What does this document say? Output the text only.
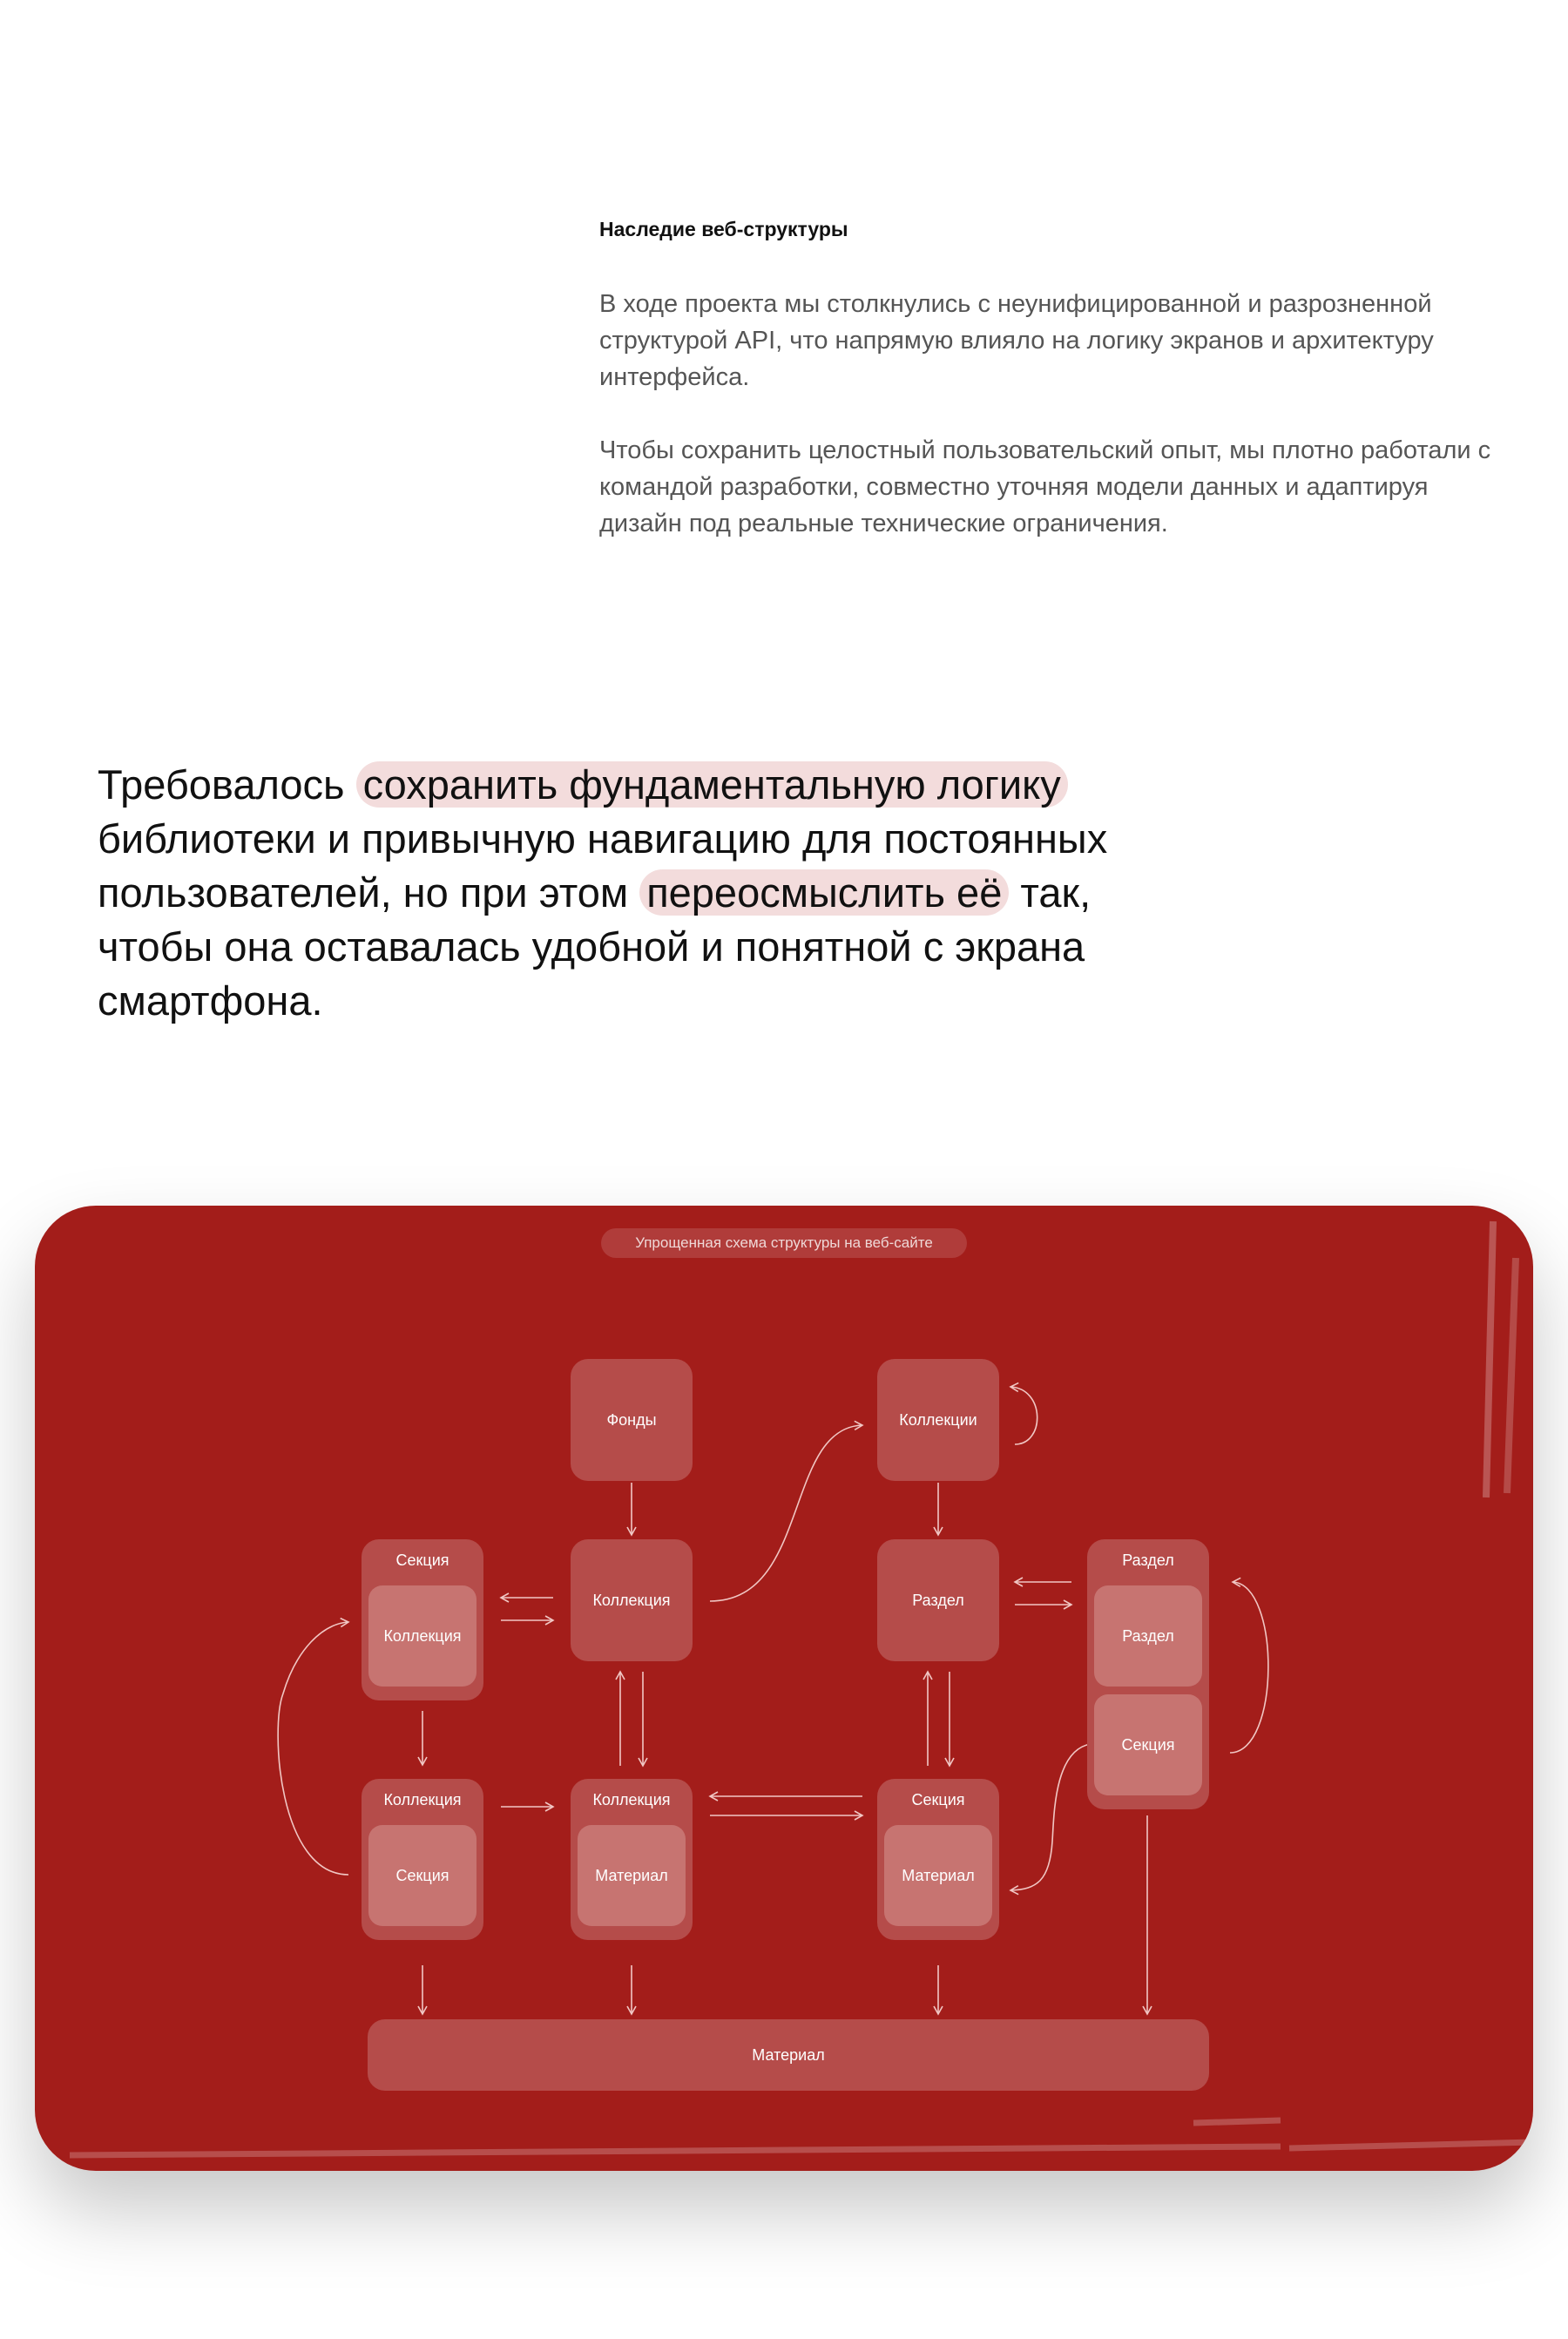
Наследие веб-структуры

В ходе проекта мы столкнулись с неунифицированной и разрозненной структурой API, что напрямую влияло на логику экранов и архитектуру интерфейса.

Чтобы сохранить целостный пользовательский опыт, мы плотно работали с командой разработки, совместно уточняя модели данных и адаптируя дизайн под реальные технические ограничения.

Требовалось сохранить фундаментальную логику библиотеки и привычную навигацию для постоянных пользователей, но при этом переосмыслить её так, чтобы она оставалась удобной и понятной с экрана смартфона.

Упрощенная схема структуры на веб-сайте
Фонды	Коллекции
Секция
Коллекция
Коллекция	Раздел
Раздел
Раздел
Секция
Коллекция
Секция
Коллекция
Материал
Секция
Материал
Материал
